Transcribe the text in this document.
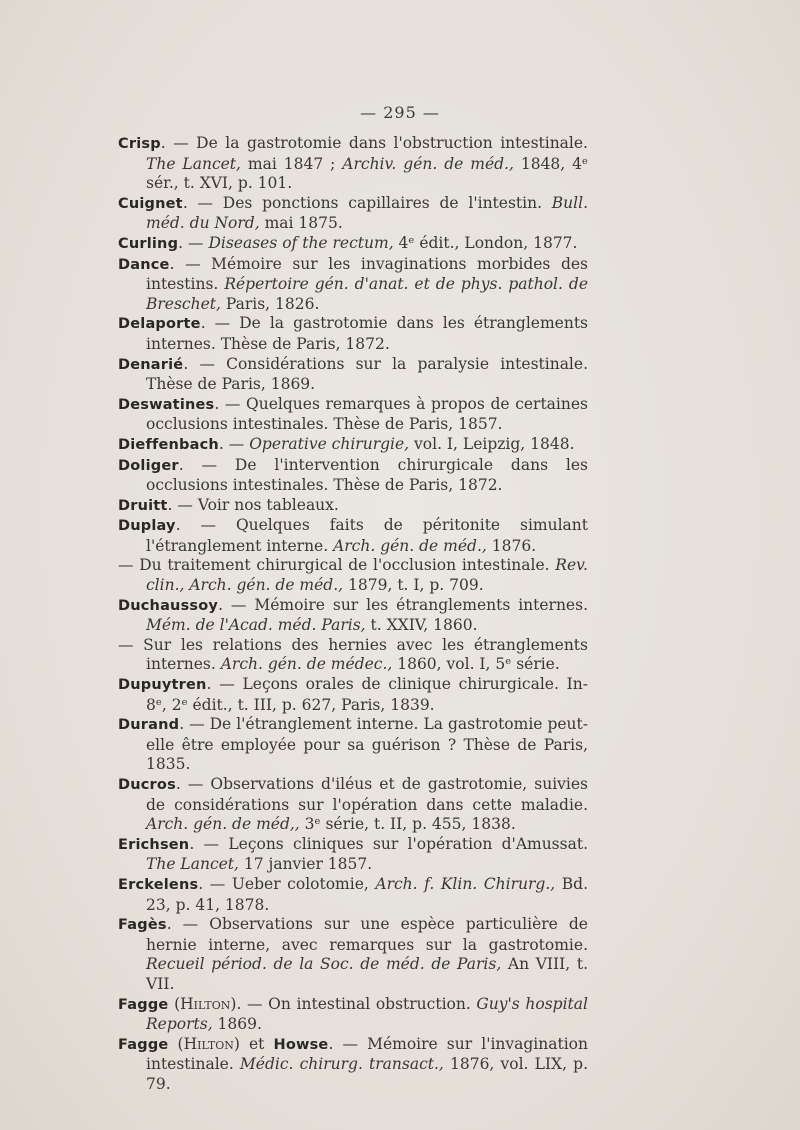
— 295 —
Crisp. — De la gastrotomie dans l'obstruction intestinale. The Lancet, mai 1847 ; Archiv. gén. de méd., 1848, 4ᵉ sér., t. XVI, p. 101.
Cuignet. — Des ponctions capillaires de l'intestin. Bull. méd. du Nord, mai 1875.
Curling. — Diseases of the rectum, 4ᵉ édit., London, 1877.
Dance. — Mémoire sur les invaginations morbides des intestins. Répertoire gén. d'anat. et de phys. pathol. de Breschet, Paris, 1826.
Delaporte. — De la gastrotomie dans les étranglements internes. Thèse de Paris, 1872.
Denarié. — Considérations sur la paralysie intestinale. Thèse de Paris, 1869.
Deswatines. — Quelques remarques à propos de certaines occlusions intestinales. Thèse de Paris, 1857.
Dieffenbach. — Operative chirurgie, vol. I, Leipzig, 1848.
Doliger. — De l'intervention chirurgicale dans les occlusions intestinales. Thèse de Paris, 1872.
Druitt. — Voir nos tableaux.
Duplay. — Quelques faits de péritonite simulant l'étranglement interne. Arch. gén. de méd., 1876.
— Du traitement chirurgical de l'occlusion intestinale. Rev. clin., Arch. gén. de méd., 1879, t. I, p. 709.
Duchaussoy. — Mémoire sur les étranglements internes. Mém. de l'Acad. méd. Paris, t. XXIV, 1860.
— Sur les relations des hernies avec les étranglements internes. Arch. gén. de médec., 1860, vol. I, 5ᵉ série.
Dupuytren. — Leçons orales de clinique chirurgicale. In-8ᵉ, 2ᵉ édit., t. III, p. 627, Paris, 1839.
Durand. — De l'étranglement interne. La gastrotomie peut-elle être employée pour sa guérison ? Thèse de Paris, 1835.
Ducros. — Observations d'iléus et de gastrotomie, suivies de considérations sur l'opération dans cette maladie. Arch. gén. de méd,, 3ᵉ série, t. II, p. 455, 1838.
Erichsen. — Leçons cliniques sur l'opération d'Amussat. The Lancet, 17 janvier 1857.
Erckelens. — Ueber colotomie, Arch. f. Klin. Chirurg., Bd. 23, p. 41, 1878.
Fagès. — Observations sur une espèce particulière de hernie interne, avec remarques sur la gastrotomie. Recueil périod. de la Soc. de méd. de Paris, An VIII, t. VII.
Fagge (Hilton). — On intestinal obstruction. Guy's hospital Reports, 1869.
Fagge (Hilton) et Howse. — Mémoire sur l'invagination intestinale. Médic. chirurg. transact., 1876, vol. LIX, p. 79.
